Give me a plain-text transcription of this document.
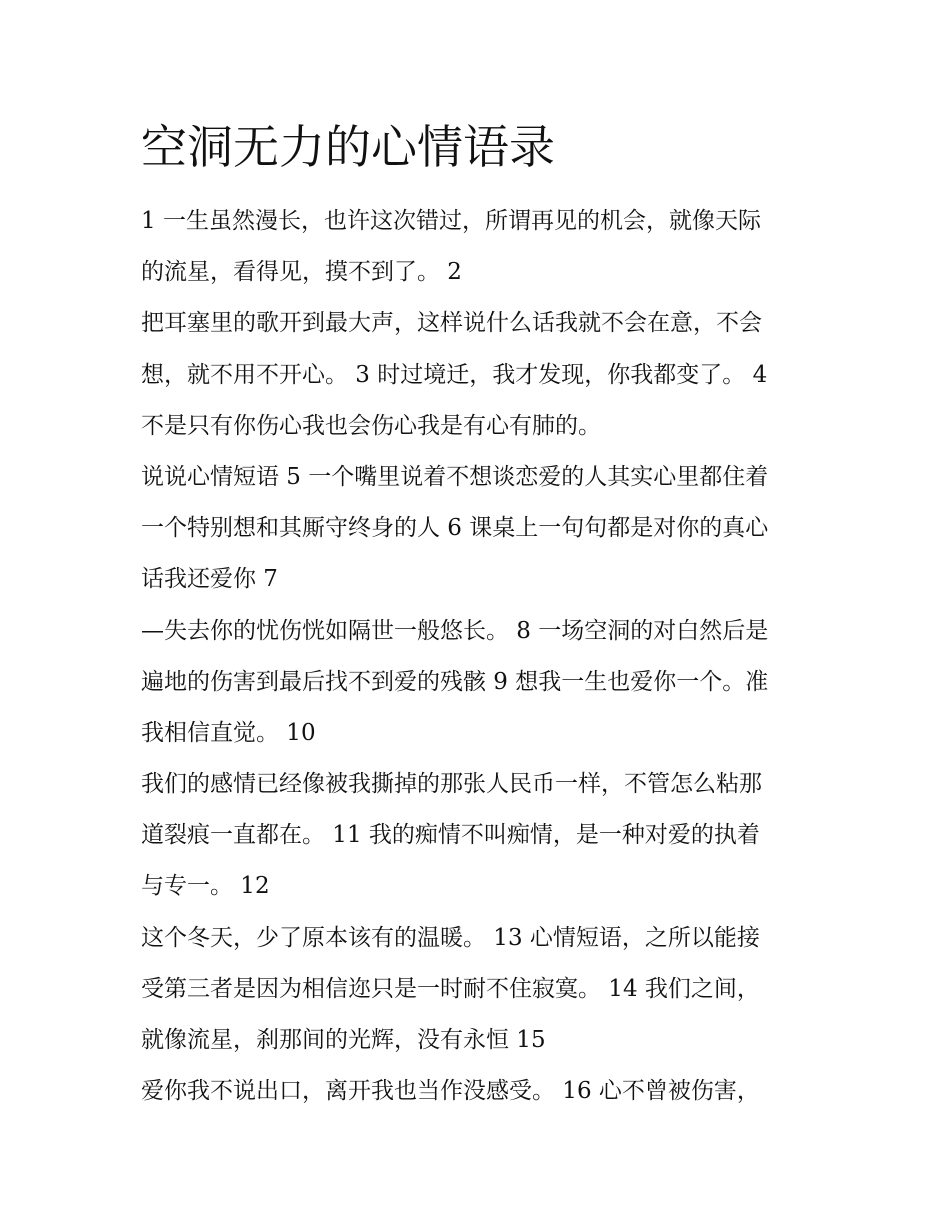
空洞无力的心情语录
1 一生虽然漫长，也许这次错过，所谓再见的机会，就像天际
的流星，看得见，摸不到了。 2
把耳塞里的歌开到最大声，这样说什么话我就不会在意，不会
想，就不用不开心。 3 时过境迁，我才发现，你我都变了。 4
不是只有你伤心我也会伤心我是有心有肺的。
说说心情短语 5 一个嘴里说着不想谈恋爱的人其实心里都住着
一个特别想和其厮守终身的人 6 课桌上一句句都是对你的真心
话我还爱你 7
—失去你的忧伤恍如隔世一般悠长。 8 一场空洞的对白然后是
遍地的伤害到最后找不到爱的残骸 9 想我一生也爱你一个。准
我相信直觉。 10
我们的感情已经像被我撕掉的那张人民币一样，不管怎么粘那
道裂痕一直都在。 11 我的痴情不叫痴情，是一种对爱的执着
与专一。 12
这个冬天，少了原本该有的温暖。 13 心情短语，之所以能接
受第三者是因为相信迩只是一时耐不住寂寞。 14 我们之间，
就像流星，刹那间的光辉，没有永恒 15
爱你我不说出口，离开我也当作没感受。 16 心不曾被伤害，
